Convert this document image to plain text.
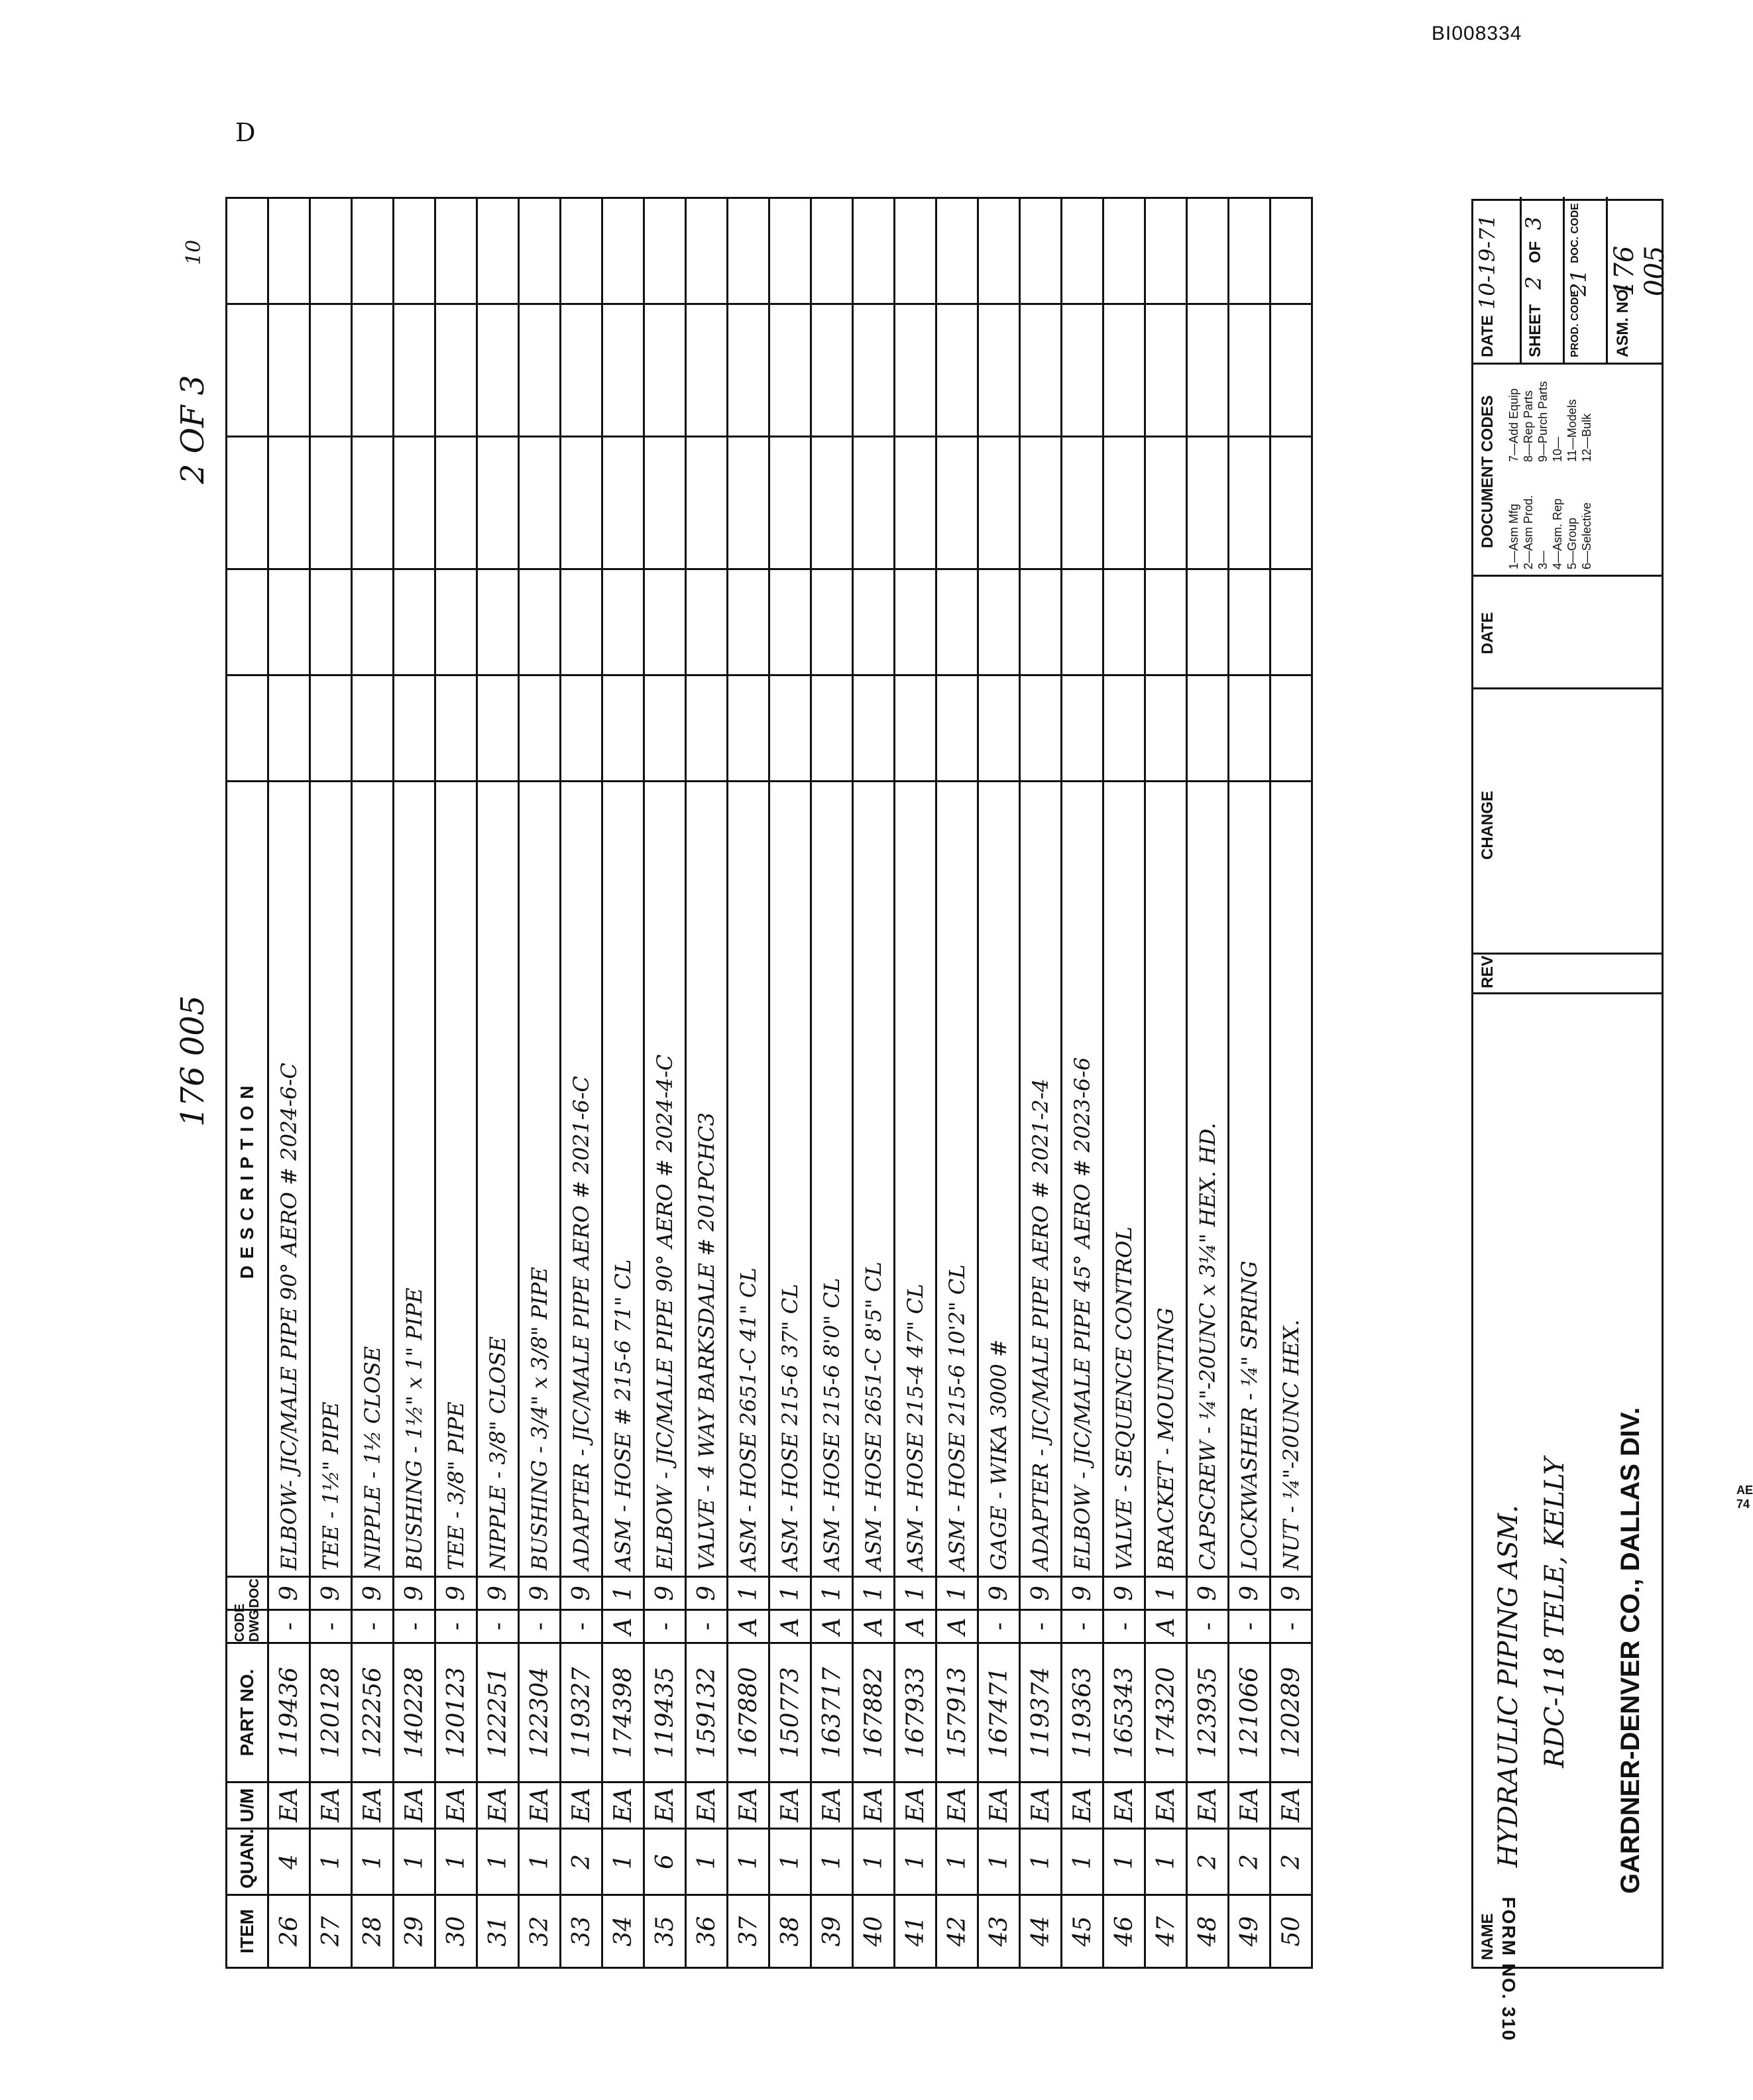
BI008334
D
2 OF 3
10
176 005
ITEM	QUAN.	U/M	PART NO.	CODE DWG	DOC	DESCRIPTION					
26	4	EA	119436	-	9	ELBOW- JIC/MALE PIPE 90° AERO # 2024-6-C					
27	1	EA	120128	-	9	TEE - 1½" PIPE					
28	1	EA	122256	-	9	NIPPLE - 1½ CLOSE					
29	1	EA	140228	-	9	BUSHING - 1½" x 1" PIPE					
30	1	EA	120123	-	9	TEE - 3/8" PIPE					
31	1	EA	122251	-	9	NIPPLE - 3/8" CLOSE					
32	1	EA	122304	-	9	BUSHING - 3/4" x 3/8" PIPE					
33	2	EA	119327	-	9	ADAPTER - JIC/MALE PIPE AERO # 2021-6-C					
34	1	EA	174398	A	1	ASM - HOSE # 215-6 71" CL					
35	6	EA	119435	-	9	ELBOW - JIC/MALE PIPE 90° AERO # 2024-4-C					
36	1	EA	159132	-	9	VALVE - 4 WAY BARKSDALE # 201PCHC3					
37	1	EA	167880	A	1	ASM - HOSE 2651-C 41" CL					
38	1	EA	150773	A	1	ASM - HOSE 215-6 37" CL					
39	1	EA	163717	A	1	ASM - HOSE 215-6 8'0" CL					
40	1	EA	167882	A	1	ASM - HOSE 2651-C 8'5" CL					
41	1	EA	167933	A	1	ASM - HOSE 215-4 47" CL					
42	1	EA	157913	A	1	ASM - HOSE 215-6 10'2" CL					
43	1	EA	167471	-	9	GAGE - WIKA 3000 #					
44	1	EA	119374	-	9	ADAPTER - JIC/MALE PIPE AERO # 2021-2-4					
45	1	EA	119363	-	9	ELBOW - JIC/MALE PIPE 45° AERO # 2023-6-6					
46	1	EA	165343	-	9	VALVE - SEQUENCE CONTROL					
47	1	EA	174320	A	1	BRACKET - MOUNTING					
48	2	EA	123935	-	9	CAPSCREW - ¼"-20UNC x 3¼" HEX. HD.					
49	2	EA	121066	-	9	LOCKWASHER - ¼" SPRING					
50	2	EA	120289	-	9	NUT - ¼"-20UNC HEX.					
NAME
HYDRAULIC PIPING ASM. RDC-118 TELE, KELLY GARDNER-DENVER CO., DALLAS DIV.
REV
CHANGE
DATE
DOCUMENT CODES 1—Asm Mfg 2—Asm Prod. 3— 4—Asm. Rep 5—Group 6—Selective
7—Add Equip 8—Rep Parts 9—Purch Parts 10— 11—Models 12—Bulk
DATE
10-19-71
SHEET
2
OF
3
PROD. CODE
21
DOC. CODE
ASM. NO.
176 005
FORM NO. 310
AE 74
